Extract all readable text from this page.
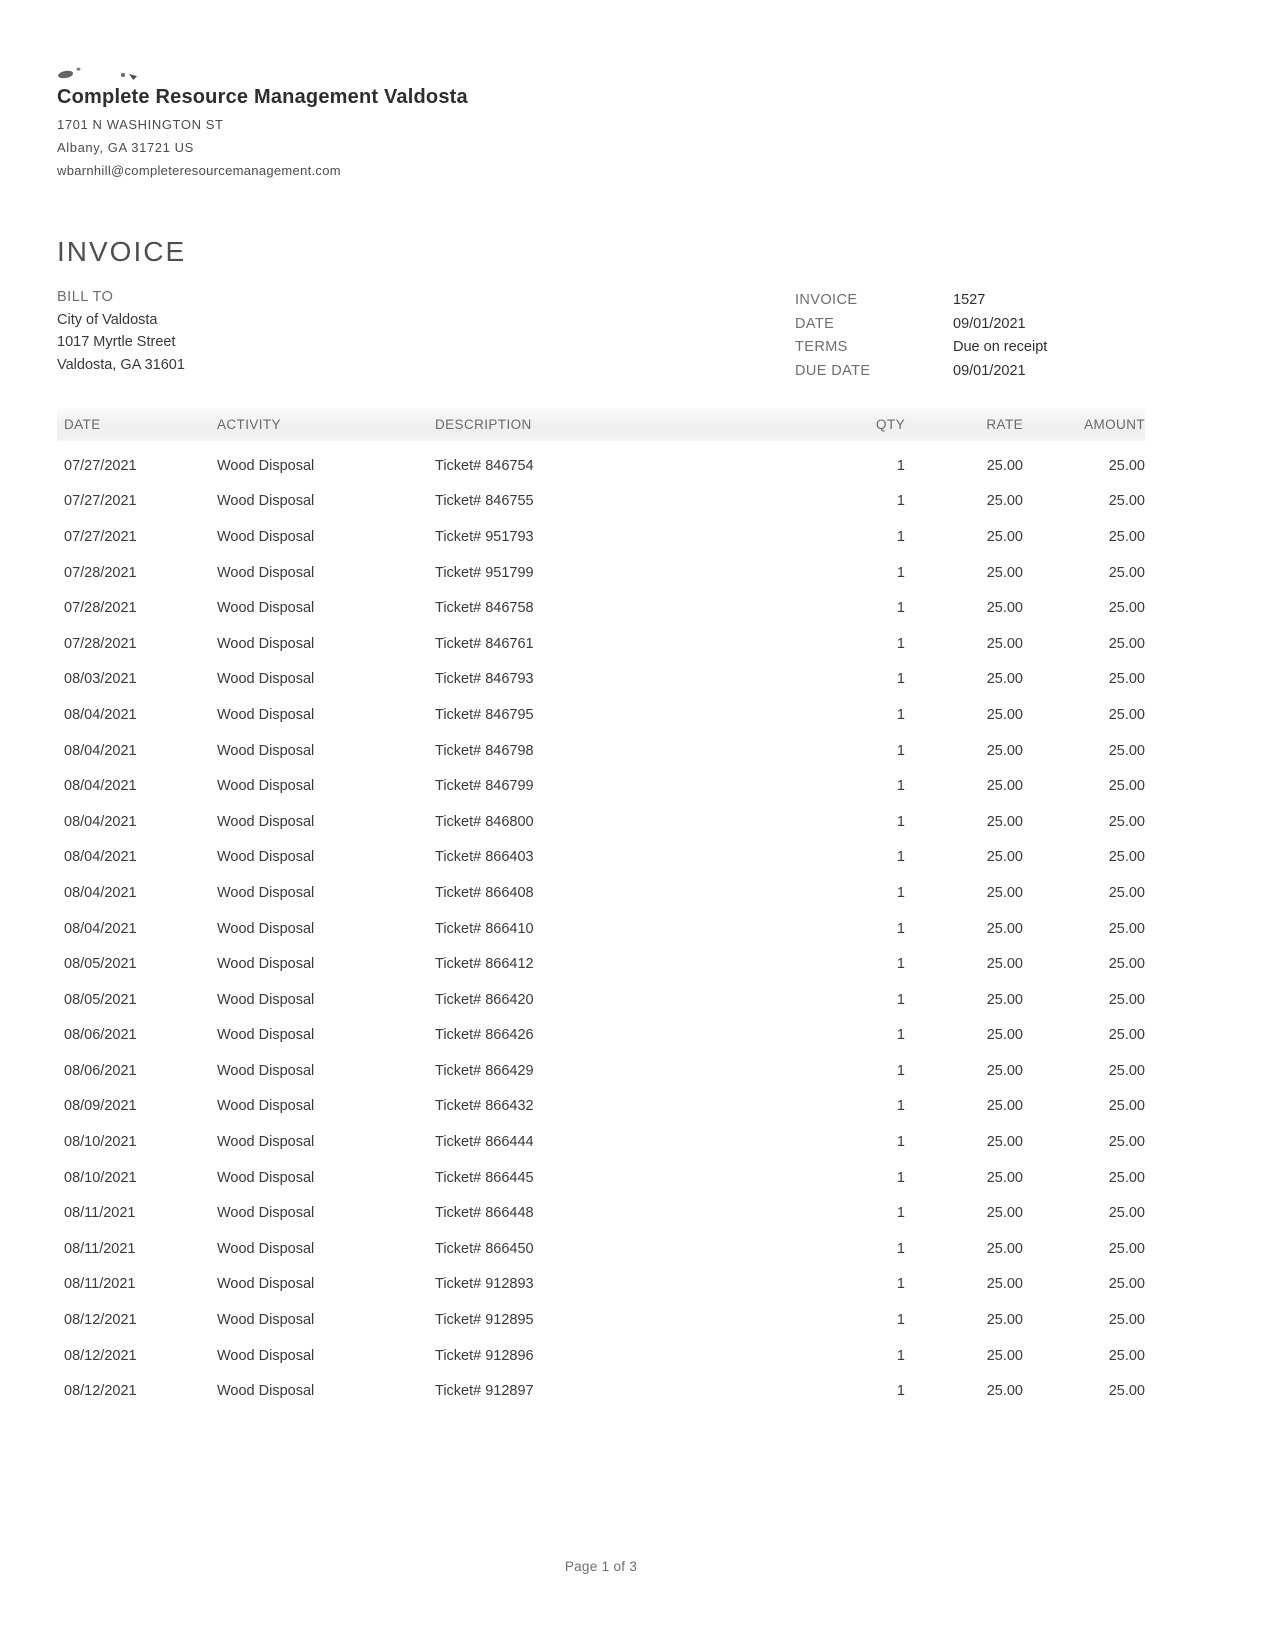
Complete Resource Management Valdosta
1701 N WASHINGTON ST
Albany, GA 31721 US
wbarnhill@completeresourcemanagement.com
INVOICE
BILL TO
City of Valdosta
1017 Myrtle Street
Valdosta, GA 31601
INVOICE	1527
DATE	09/01/2021
TERMS	Due on receipt
DUE DATE	09/01/2021
DATE	ACTIVITY	DESCRIPTION	QTY	RATE	AMOUNT
07/27/2021	Wood Disposal	Ticket# 846754	1	25.00	25.00
07/27/2021	Wood Disposal	Ticket# 846755	1	25.00	25.00
07/27/2021	Wood Disposal	Ticket# 951793	1	25.00	25.00
07/28/2021	Wood Disposal	Ticket# 951799	1	25.00	25.00
07/28/2021	Wood Disposal	Ticket# 846758	1	25.00	25.00
07/28/2021	Wood Disposal	Ticket# 846761	1	25.00	25.00
08/03/2021	Wood Disposal	Ticket# 846793	1	25.00	25.00
08/04/2021	Wood Disposal	Ticket# 846795	1	25.00	25.00
08/04/2021	Wood Disposal	Ticket# 846798	1	25.00	25.00
08/04/2021	Wood Disposal	Ticket# 846799	1	25.00	25.00
08/04/2021	Wood Disposal	Ticket# 846800	1	25.00	25.00
08/04/2021	Wood Disposal	Ticket# 866403	1	25.00	25.00
08/04/2021	Wood Disposal	Ticket# 866408	1	25.00	25.00
08/04/2021	Wood Disposal	Ticket# 866410	1	25.00	25.00
08/05/2021	Wood Disposal	Ticket# 866412	1	25.00	25.00
08/05/2021	Wood Disposal	Ticket# 866420	1	25.00	25.00
08/06/2021	Wood Disposal	Ticket# 866426	1	25.00	25.00
08/06/2021	Wood Disposal	Ticket# 866429	1	25.00	25.00
08/09/2021	Wood Disposal	Ticket# 866432	1	25.00	25.00
08/10/2021	Wood Disposal	Ticket# 866444	1	25.00	25.00
08/10/2021	Wood Disposal	Ticket# 866445	1	25.00	25.00
08/11/2021	Wood Disposal	Ticket# 866448	1	25.00	25.00
08/11/2021	Wood Disposal	Ticket# 866450	1	25.00	25.00
08/11/2021	Wood Disposal	Ticket# 912893	1	25.00	25.00
08/12/2021	Wood Disposal	Ticket# 912895	1	25.00	25.00
08/12/2021	Wood Disposal	Ticket# 912896	1	25.00	25.00
08/12/2021	Wood Disposal	Ticket# 912897	1	25.00	25.00
Page 1 of 3
